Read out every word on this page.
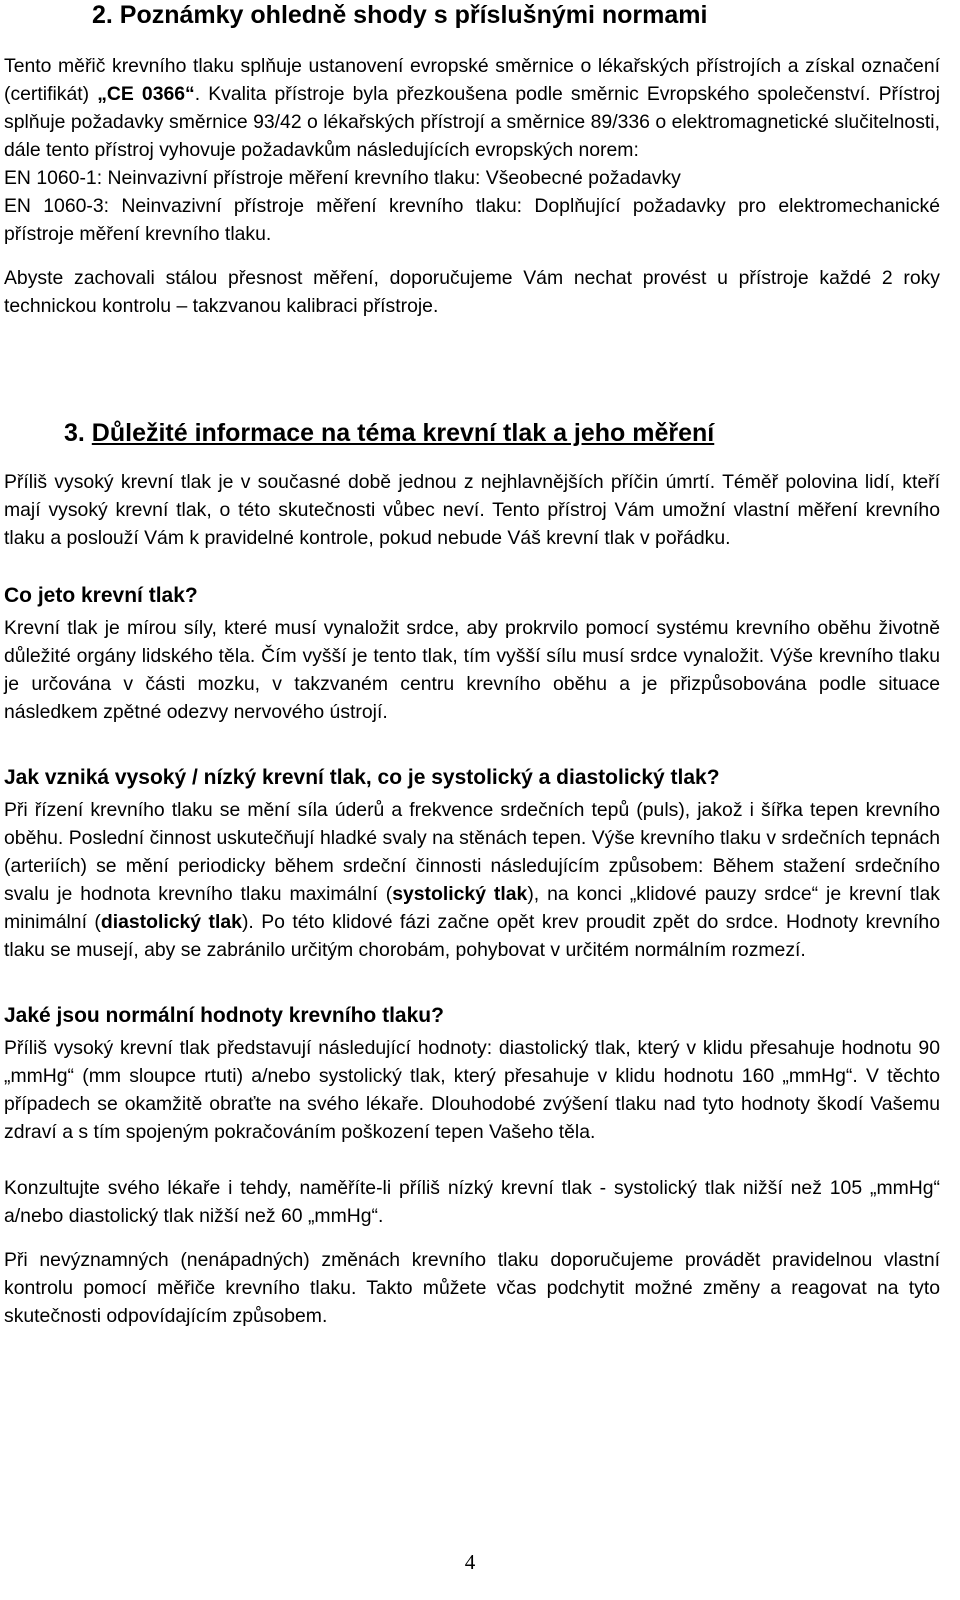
2. Poznámky ohledně shody s příslušnými normami

Tento měřič krevního tlaku splňuje ustanovení evropské směrnice o lékařských přístrojích a získal označení (certifikát) „CE 0366“. Kvalita přístroje byla přezkoušena podle směrnic Evropského společenství. Přístroj splňuje požadavky směrnice 93/42 o lékařských přístrojí a směrnice 89/336 o elektromagnetické slučitelnosti, dále tento přístroj vyhovuje požadavkům následujících evropských norem:

EN 1060-1: Neinvazivní přístroje měření krevního tlaku: Všeobecné požadavky

EN 1060-3: Neinvazivní přístroje měření krevního tlaku: Doplňující požadavky pro elektromechanické přístroje měření krevního tlaku.

Abyste zachovali stálou přesnost měření, doporučujeme Vám nechat provést u přístroje každé 2 roky technickou kontrolu – takzvanou kalibraci přístroje.

3. Důležité informace na téma krevní tlak a jeho měření

Příliš vysoký krevní tlak je v současné době jednou z nejhlavnějších příčin úmrtí. Téměř polovina lidí, kteří mají vysoký krevní tlak, o této skutečnosti vůbec neví. Tento přístroj Vám umožní vlastní měření krevního tlaku a poslouží Vám k pravidelné kontrole, pokud nebude Váš krevní tlak v pořádku.

Co jeto krevní tlak?

Krevní tlak je mírou síly, které musí vynaložit srdce, aby prokrvilo pomocí systému krevního oběhu životně důležité orgány lidského těla. Čím vyšší je tento tlak, tím vyšší sílu musí srdce vynaložit. Výše krevního tlaku je určována v části mozku, v takzvaném centru krevního oběhu a je přizpůsobována podle situace následkem zpětné odezvy nervového ústrojí.

Jak vzniká vysoký / nízký krevní tlak, co je systolický a diastolický tlak?

Při řízení krevního tlaku se mění síla úderů a frekvence srdečních tepů (puls), jakož i šířka tepen krevního oběhu. Poslední činnost uskutečňují hladké svaly na stěnách tepen. Výše krevního tlaku v srdečních tepnách (arteriích) se mění periodicky během srdeční činnosti následujícím způsobem: Během stažení srdečního svalu je hodnota krevního tlaku maximální (systolický tlak), na konci „klidové pauzy srdce“ je krevní tlak minimální (diastolický tlak). Po této klidové fázi začne opět krev proudit zpět do srdce. Hodnoty krevního tlaku se musejí, aby se zabránilo určitým chorobám, pohybovat v určitém normálním rozmezí.

Jaké jsou normální hodnoty krevního tlaku?

Příliš vysoký krevní tlak představují následující hodnoty: diastolický tlak, který v klidu přesahuje hodnotu 90 „mmHg“ (mm sloupce rtuti) a/nebo systolický tlak, který přesahuje v klidu hodnotu 160 „mmHg“. V těchto případech se okamžitě obraťte na svého lékaře. Dlouhodobé zvýšení tlaku nad tyto hodnoty škodí Vašemu zdraví a s tím spojeným pokračováním poškození tepen Vašeho těla.

Konzultujte svého lékaře i tehdy, naměříte-li příliš nízký krevní tlak - systolický tlak nižší než 105 „mmHg“ a/nebo diastolický tlak nižší než 60 „mmHg“.

Při nevýznamných (nenápadných) změnách krevního tlaku doporučujeme provádět pravidelnou vlastní kontrolu pomocí měřiče krevního tlaku. Takto můžete včas podchytit možné změny a reagovat na tyto skutečnosti odpovídajícím způsobem.

4
